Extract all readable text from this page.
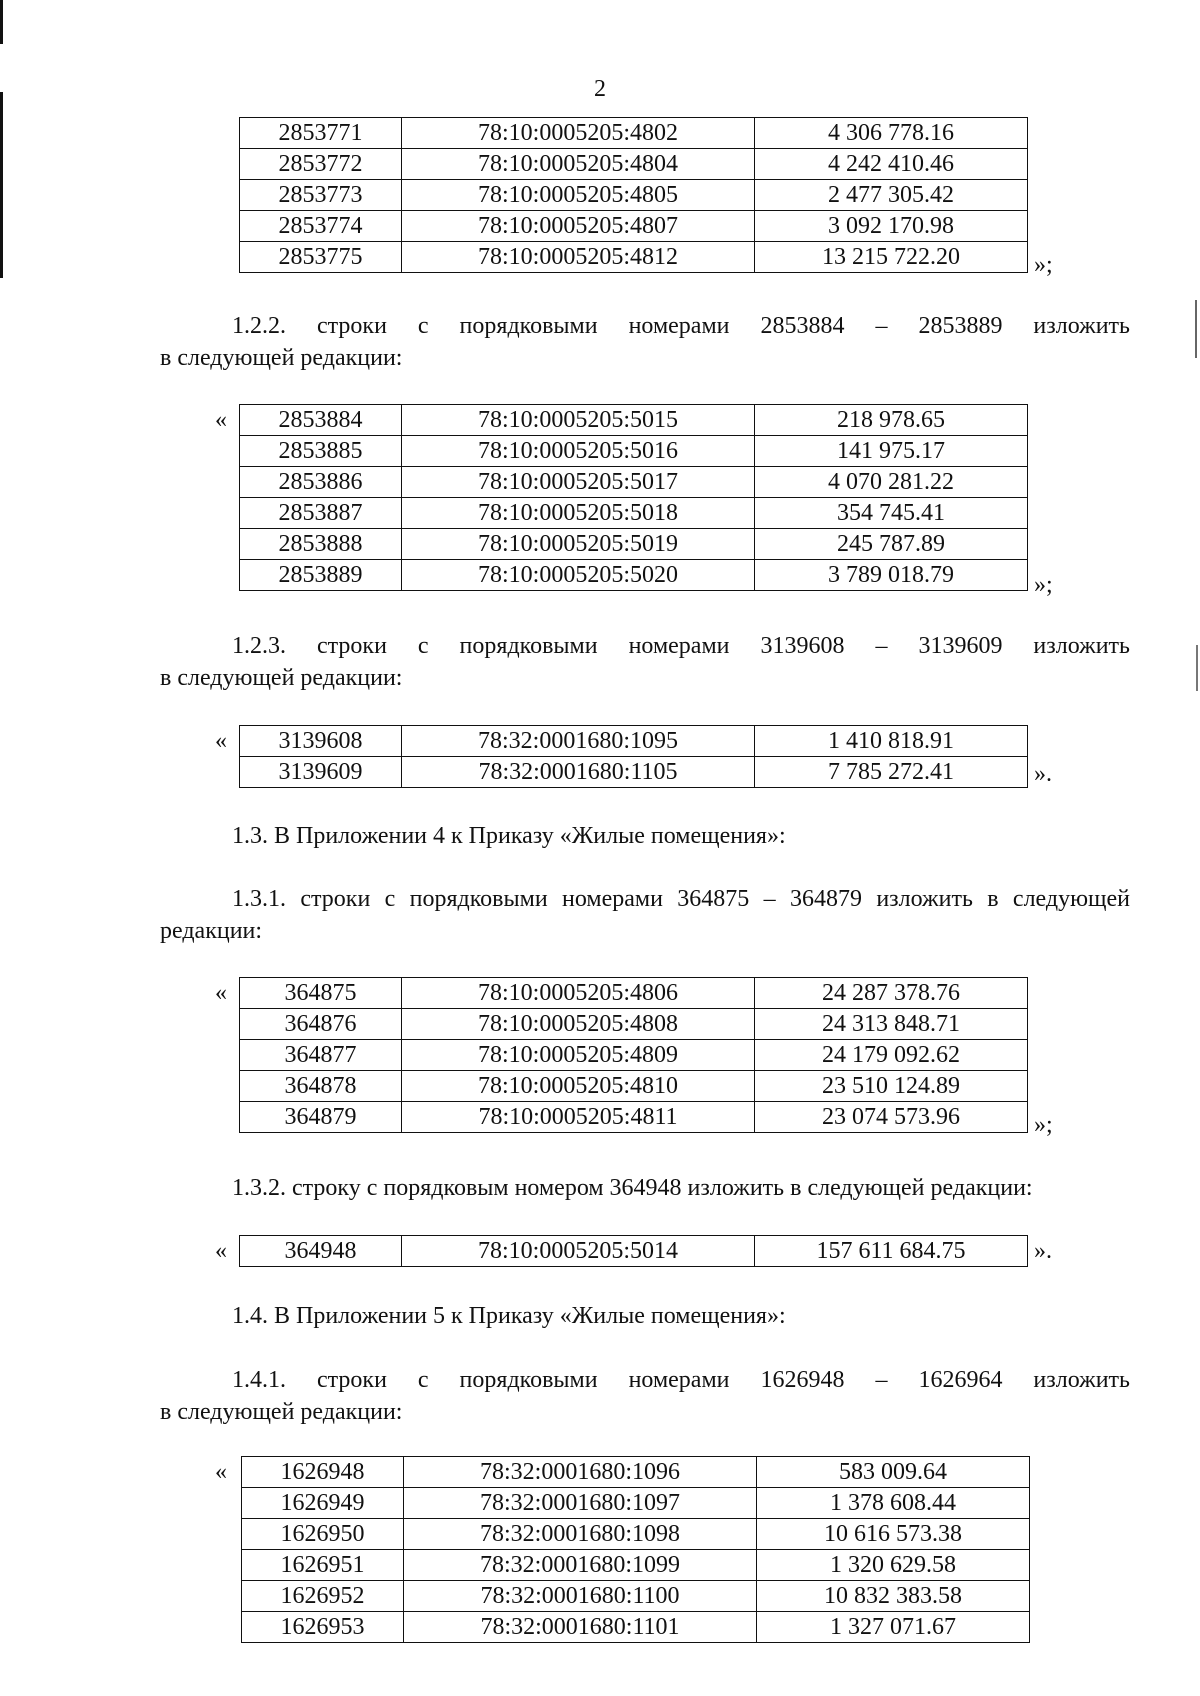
2
2853771	78:10:0005205:4802	4 306 778.16
2853772	78:10:0005205:4804	4 242 410.46
2853773	78:10:0005205:4805	2 477 305.42
2853774	78:10:0005205:4807	3 092 170.98
2853775	78:10:0005205:4812	13 215 722.20	»;

1.2.2. строки с порядковыми номерами 2853884 – 2853889 изложить
в следующей редакции:

« 2853884	78:10:0005205:5015	218 978.65
2853885	78:10:0005205:5016	141 975.17
2853886	78:10:0005205:5017	4 070 281.22
2853887	78:10:0005205:5018	354 745.41
2853888	78:10:0005205:5019	245 787.89
2853889	78:10:0005205:5020	3 789 018.79	»;

1.2.3. строки с порядковыми номерами 3139608 – 3139609 изложить
в следующей редакции:

« 3139608	78:32:0001680:1095	1 410 818.91
3139609	78:32:0001680:1105	7 785 272.41	».
1.3. В Приложении 4 к Приказу «Жилые помещения»:

1.3.1. строки с порядковыми номерами 364875 – 364879 изложить в следующей
редакции:

« 364875	78:10:0005205:4806	24 287 378.76
364876	78:10:0005205:4808	24 313 848.71
364877	78:10:0005205:4809	24 179 092.62
364878	78:10:0005205:4810	23 510 124.89
364879	78:10:0005205:4811	23 074 573.96	»;
1.3.2. строку с порядковым номером 364948 изложить в следующей редакции:
« 364948	78:10:0005205:5014	157 611 684.75	».
1.4. В Приложении 5 к Приказу «Жилые помещения»:

1.4.1. строки с порядковыми номерами 1626948 – 1626964 изложить
в следующей редакции:

« 1626948	78:32:0001680:1096	583 009.64
1626949	78:32:0001680:1097	1 378 608.44
1626950	78:32:0001680:1098	10 616 573.38
1626951	78:32:0001680:1099	1 320 629.58
1626952	78:32:0001680:1100	10 832 383.58
1626953	78:32:0001680:1101	1 327 071.67
